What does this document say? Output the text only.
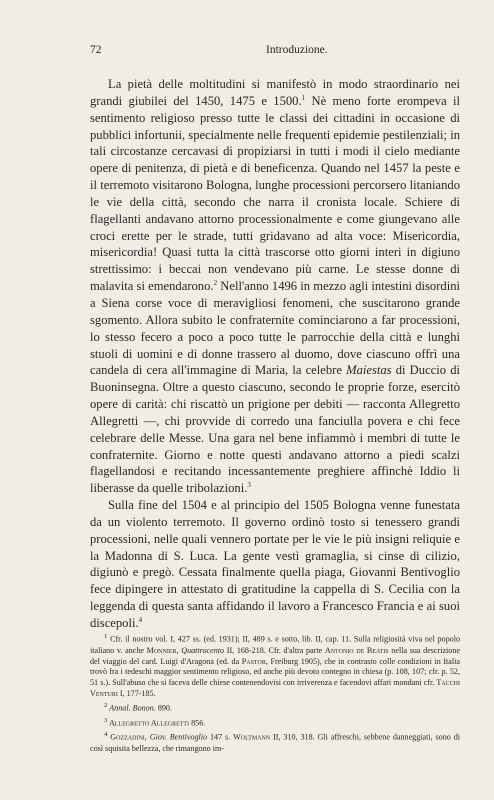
72	Introduzione.

La pietà delle moltitudini si manifestò in modo straordinario nei grandi giubilei del 1450, 1475 e 1500.$^1$ Nè meno forte erompeva il sentimento religioso presso tutte le classi dei cittadini in occasione di pubblici infortunii, specialmente nelle frequenti epidemie pestilenziali; in tali circostanze cercavasi di propiziarsi in tutti i modi il cielo mediante opere di penitenza, di pietà e di beneficenza. Quando nel 1457 la peste e il terremoto visitarono Bologna, lunghe processioni percorsero litaniando le vie della città, secondo che narra il cronista locale. Schiere di flagellanti andavano attorno processionalmente e come giungevano alle croci erette per le strade, tutti gridavano ad alta voce: Misericordia, misericordia! Quasi tutta la città trascorse otto giorni interi in digiuno strettissimo: i beccai non vendevano più carne. Le stesse donne di malavita si emendarono.$^2$ Nell'anno 1496 in mezzo agli intestini disordini a Siena corse voce di meravigliosi fenomeni, che suscitarono grande sgomento. Allora subito le confraternite cominciarono a far processioni, lo stesso fecero a poco a poco tutte le parrocchie della città e lunghi stuoli di uomini e di donne trassero al duomo, dove ciascuno offrì una candela di cera all'immagine di Maria, la celebre Maiestas di Duccio di Buoninsegna. Oltre a questo ciascuno, secondo le proprie forze, esercitò opere di carità: chi riscattò un prigione per debiti — racconta Allegretto Allegretti —, chi provvide di corredo una fanciulla povera e chi fece celebrare delle Messe. Una gara nel bene infiammò i membri di tutte le confraternite. Giorno e notte questi andavano attorno a piedi scalzi flagellandosi e recitando incessantemente preghiere affinchè Iddio li liberasse da quelle tribolazioni.$^3$

Sulla fine del 1504 e al principio del 1505 Bologna venne funestata da un violento terremoto. Il governo ordinò tosto si tenessero grandi processioni, nelle quali vennero portate per le vie le più insigni reliquie e la Madonna di S. Luca. La gente vestì gramaglia, si cinse di cilizio, digiunò e pregò. Cessata finalmente quella piaga, Giovanni Bentivoglio fece dipingere in attestato di gratitudine la cappella di S. Cecilia con la leggenda di questa santa affidando il lavoro a Francesco Francia e ai suoi discepoli.$^4$

$^1$ Cfr. il nostro vol. I, 427 ss. (ed. 1931); II, 489 s. e sotto, lib. II, cap. 11. Sulla religiosità viva nel popolo italiano v. anche Monnier, Quattrocento II, 168-218. Cfr. d'altra parte Antonio de Beatis nella sua descrizione del viaggio del card. Luigi d'Aragona (ed. da Pastor, Freiburg 1905), che in contrasto colle condizioni in Italia trovò fra i tedeschi maggior sentimento religioso, ed anche più devoto contegno in chiesa (p. 108, 107; cfr. p. 52, 51 s.). Sull'abuso che si faceva delle chiese contenendovisi con irriverenza e facendovi affari mondani cfr. Tacchi Venturi I, 177-185.

$^2$ Annal. Bonon. 890.

$^3$ Allegretto Allegretti 856.

$^4$ Gozzadini, Giov. Bentivoglio 147 s. Woltmann II, 310, 318. Gli affreschi, sebbene danneggiati, sono di così squisita bellezza, che rimangono im-
